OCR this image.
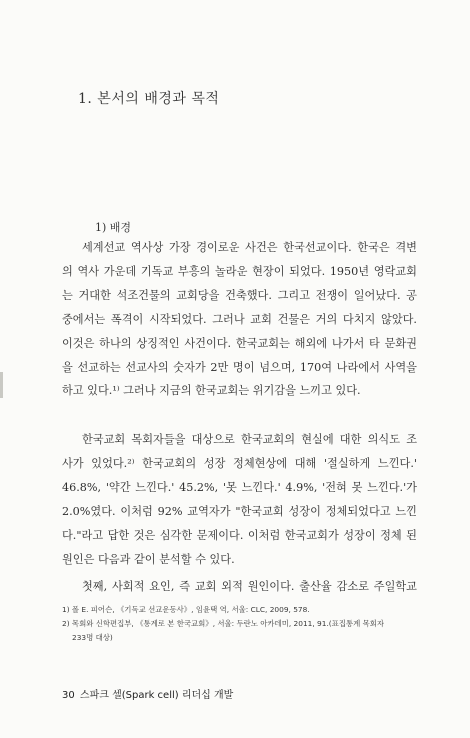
1. 본서의 배경과 목적
1) 배경
세계선교 역사상 가장 경이로운 사건은 한국선교이다. 한국은 격변
의 역사 가운데 기독교 부흥의 놀라운 현장이 되었다. 1950년 영락교회
는 거대한 석조건물의 교회당을 건축했다. 그리고 전쟁이 일어났다. 공
중에서는 폭격이 시작되었다. 그러나 교회 건물은 거의 다치지 않았다.
이것은 하나의 상징적인 사건이다. 한국교회는 해외에 나가서 타 문화권
을 선교하는 선교사의 숫자가 2만 명이 넘으며, 170여 나라에서 사역을
하고 있다.¹⁾ 그러나 지금의 한국교회는 위기감을 느끼고 있다.
한국교회 목회자들을 대상으로 한국교회의 현실에 대한 의식도 조
사가 있었다.²⁾ 한국교회의 성장 정체현상에 대해 '절실하게 느낀다.'
46.8%, '약간 느낀다.' 45.2%, '못 느낀다.' 4.9%, '전혀 못 느낀다.'가
2.0%였다. 이처럼 92% 교역자가 "한국교회 성장이 정체되었다고 느낀
다."라고 답한 것은 심각한 문제이다. 이처럼 한국교회가 성장이 정체 된
원인은 다음과 같이 분석할 수 있다.
첫째, 사회적 요인, 즉 교회 외적 원인이다. 출산율 감소로 주일학교
1) 폴 E. 피어슨, 《기독교 선교운동사》, 임윤택 역, 서울: CLC, 2009, 578.
2) 목회와 신학편집부, 《통계로 본 한국교회》, 서울: 두란노 아카데미, 2011, 91.(표집통계 목회자
233명 대상)
30 스파크 셀(Spark cell) 리더십 개발
